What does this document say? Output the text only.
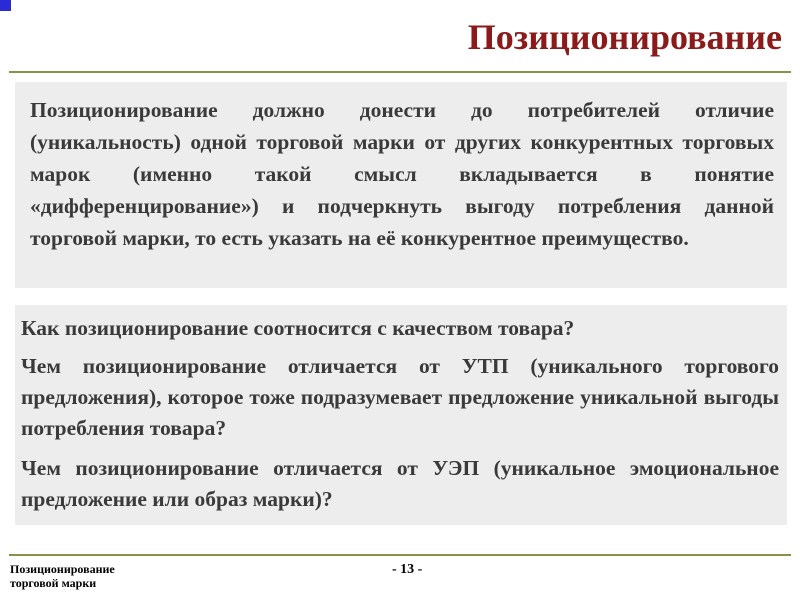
Позиционирование

Позиционирование должно донести до потребителей отличие (уникальность) одной торговой марки от других конкурентных торговых марок (именно такой смысл вкладывается в понятие «дифференцирование») и подчеркнуть выгоду потребления данной торговой марки, то есть указать на её конкурентное преимущество.

Как позиционирование соотносится с качеством товара?

Чем позиционирование отличается от УТП (уникального торгового предложения), которое тоже подразумевает предложение уникальной выгоды потребления товара?

Чем позиционирование отличается от УЭП (уникальное эмоциональное предложение или образ марки)?

Позиционирование
торговой марки
- 13 -
